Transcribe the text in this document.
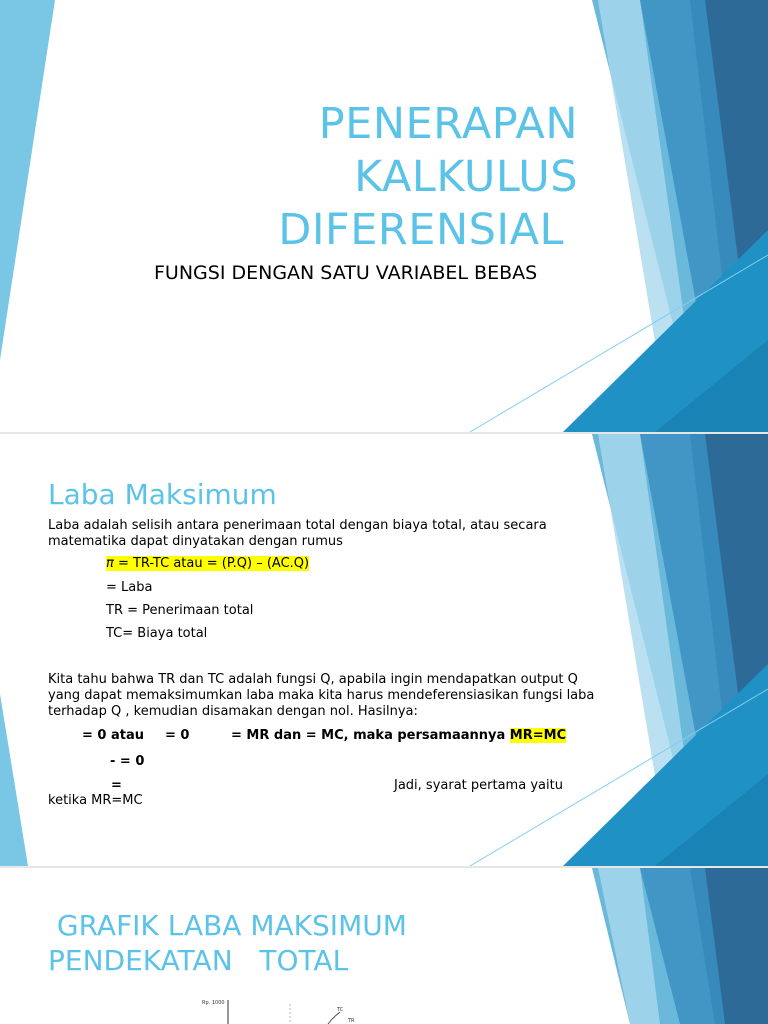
PENERAPAN
KALKULUS
DIFERENSIAL
FUNGSI DENGAN SATU VARIABEL BEBAS
Laba Maksimum
Laba adalah selisih antara penerimaan total dengan biaya total, atau secara
matematika dapat dinyatakan dengan rumus
π = TR-TC atau = (P.Q) – (AC.Q)
= Laba
TR = Penerimaan total
TC= Biaya total
Kita tahu bahwa TR dan TC adalah fungsi Q, apabila ingin mendapatkan output Q
yang dapat memaksimumkan laba maka kita harus mendeferensiasikan fungsi laba
terhadap Q , kemudian disamakan dengan nol. Hasilnya:
= 0 atau = 0	= MR dan = MC, maka persamaannya MR=MC
- = 0
=	Jadi, syarat pertama yaitu
ketika MR=MC
GRAFIK LABA MAKSIMUM
PENDEKATAN   TOTAL
Rp. 1000
TC
TR
